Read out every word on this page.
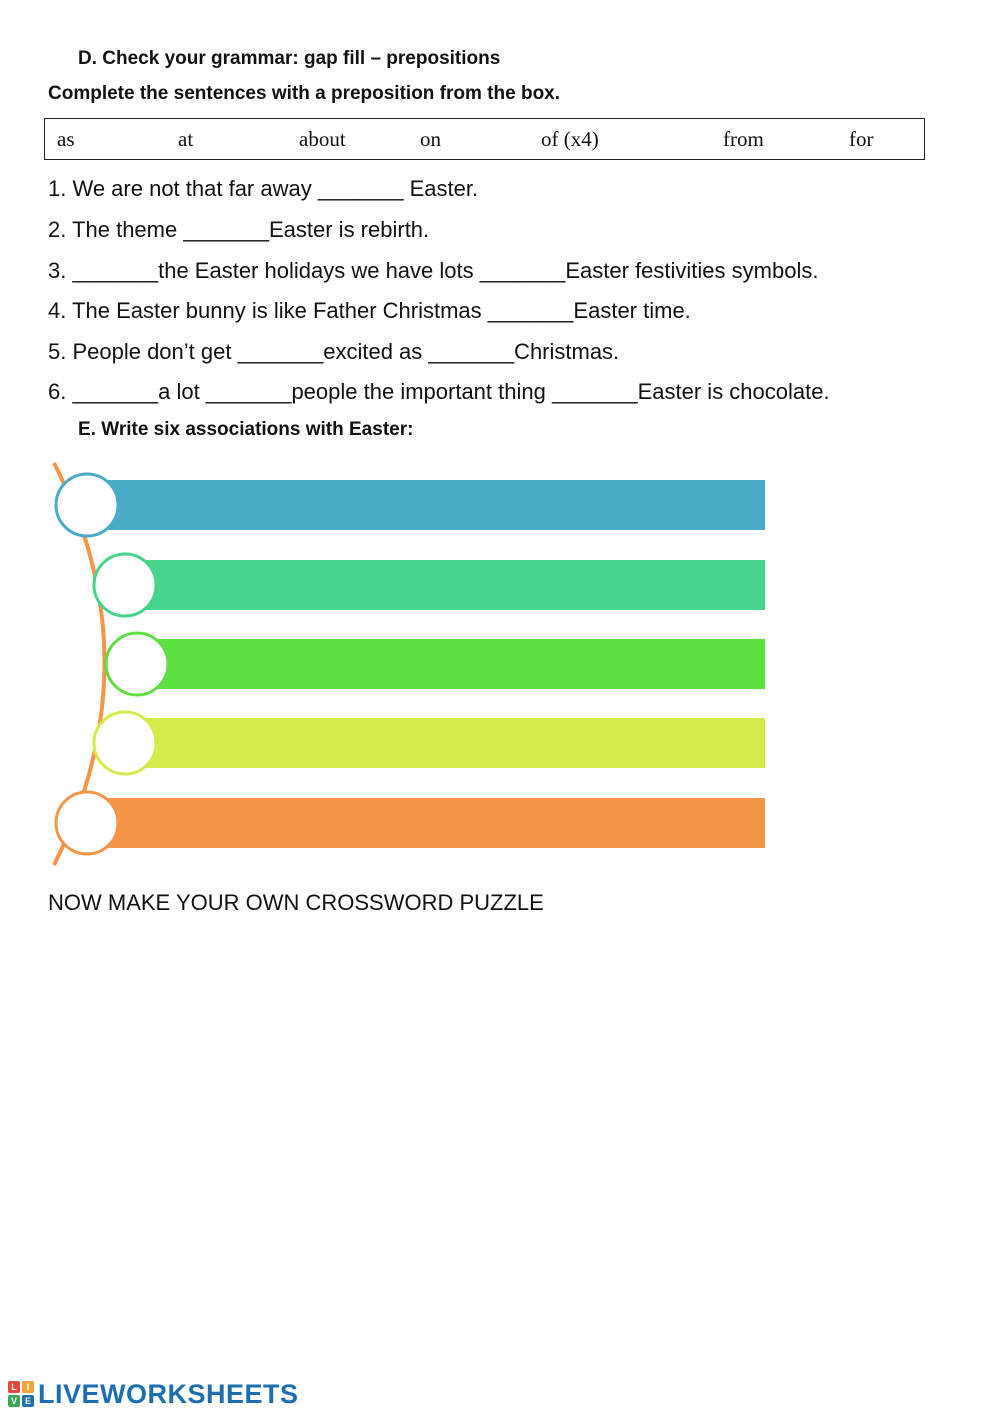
D. Check your grammar: gap fill – prepositions
Complete the sentences with a preposition from the box.
as	at	about	on	of (x4)	from	for
1. We are not that far away _______ Easter.
2. The theme _______Easter is rebirth.
3. _______the Easter holidays we have lots _______Easter festivities symbols.
4. The Easter bunny is like Father Christmas _______Easter time.
5. People don’t get _______excited as _______Christmas.
6. _______a lot _______people the important thing _______Easter is chocolate.
E. Write six associations with Easter:
NOW MAKE YOUR OWN CROSSWORD PUZZLE
L	I
V E LIVEWORKSHEETS
